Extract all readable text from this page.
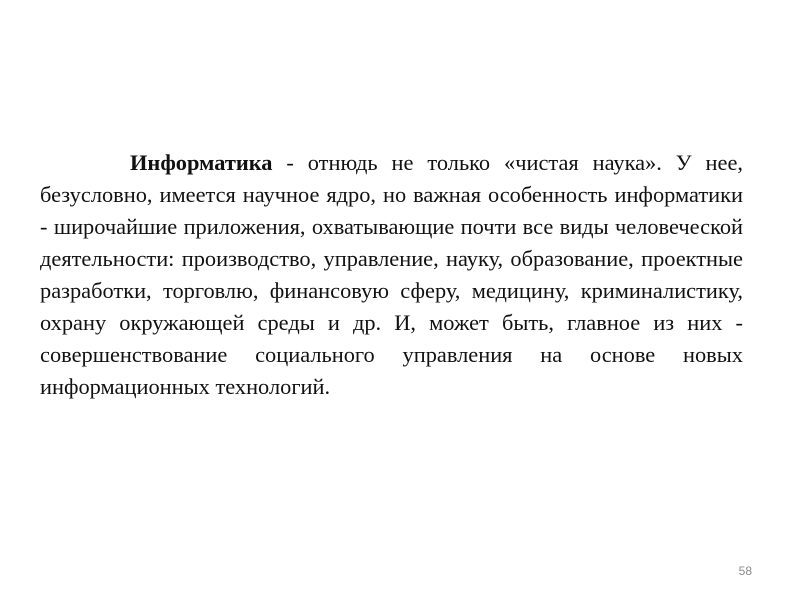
Информатика - отнюдь не только «чистая наука». У нее, безусловно, имеется научное ядро, но важная особенность информатики - широчайшие приложения, охватывающие почти все виды человеческой деятельности: производство, управление, науку, образование, проектные разработки, торговлю, финансовую сферу, медицину, криминалистику, охрану окружающей среды и др. И, может быть, главное из них - совершенствование социального управления на основе новых информационных технологий.

58
